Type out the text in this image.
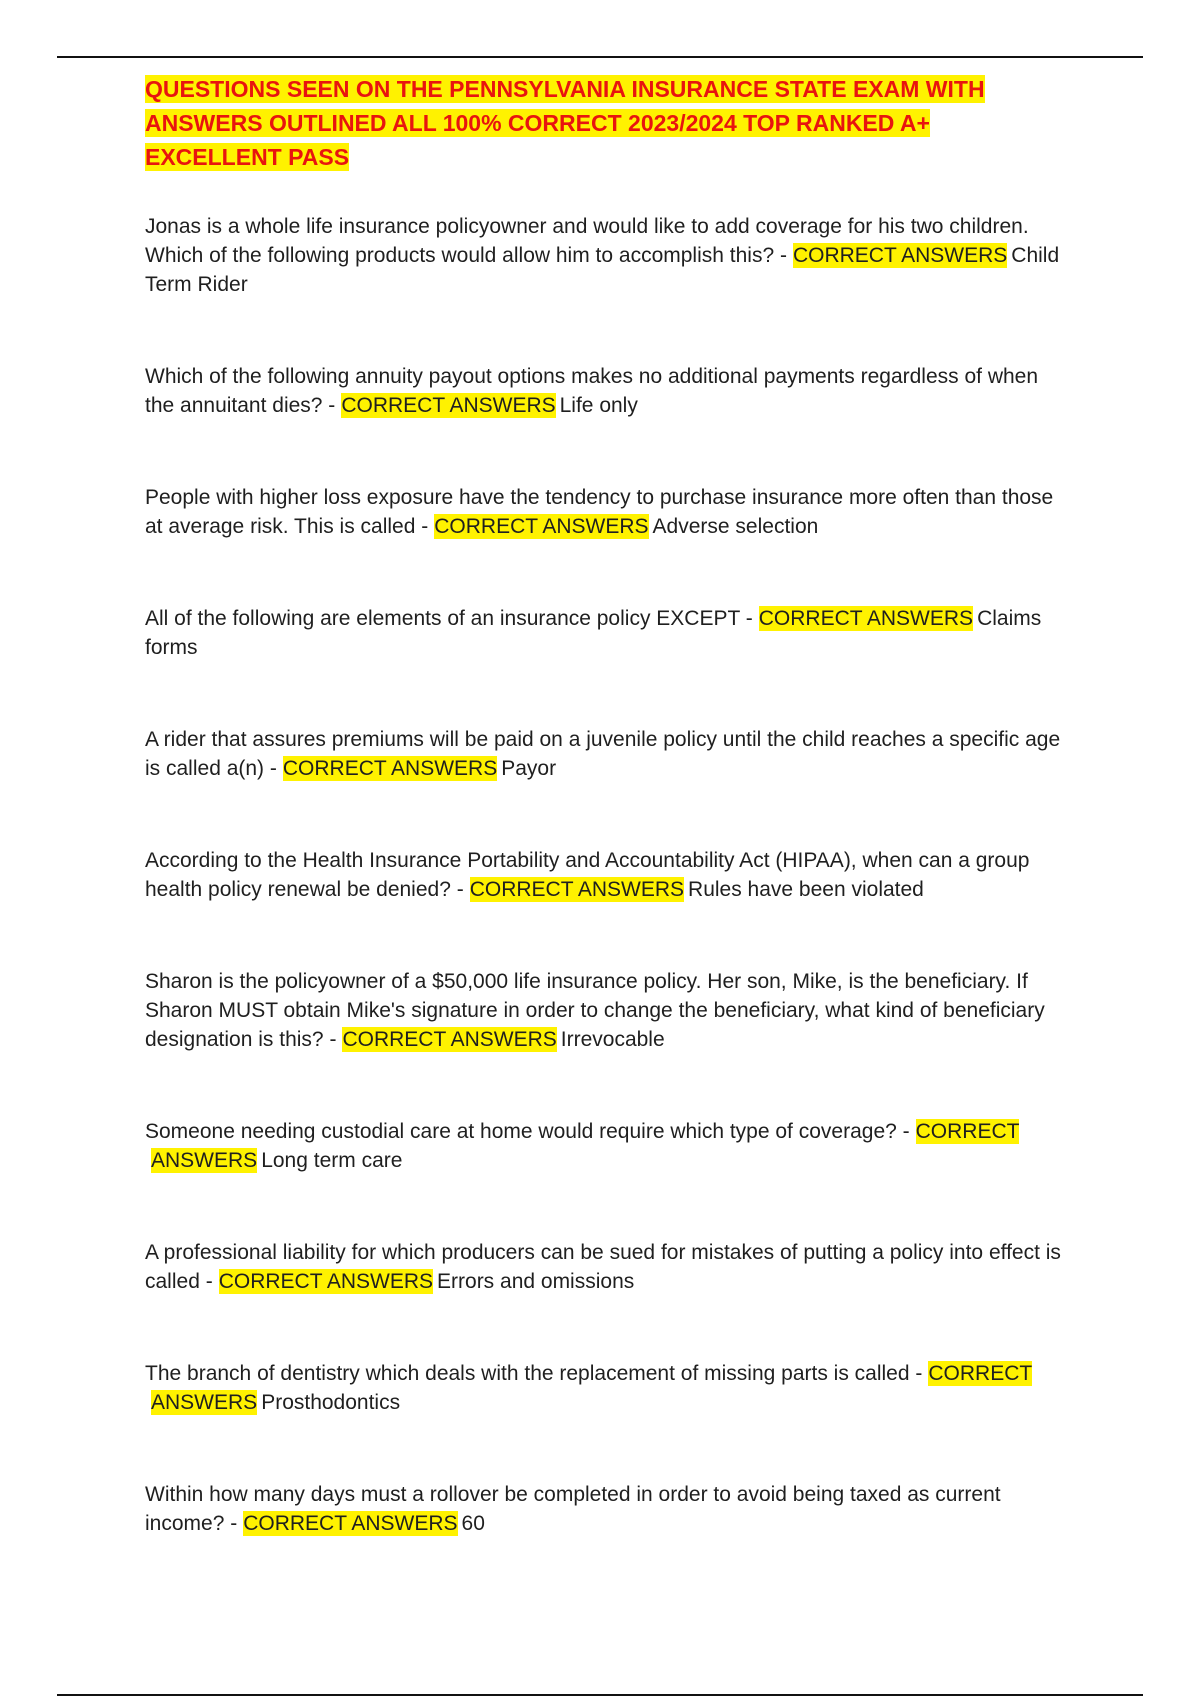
QUESTIONS SEEN ON THE PENNSYLVANIA INSURANCE STATE EXAM WITH ANSWERS OUTLINED ALL 100% CORRECT 2023/2024 TOP RANKED A+ EXCELLENT PASS
Jonas is a whole life insurance policyowner and would like to add coverage for his two children. Which of the following products would allow him to accomplish this? - CORRECT ANSWERS Child Term Rider
Which of the following annuity payout options makes no additional payments regardless of when the annuitant dies? - CORRECT ANSWERS Life only
People with higher loss exposure have the tendency to purchase insurance more often than those at average risk. This is called - CORRECT ANSWERS Adverse selection
All of the following are elements of an insurance policy EXCEPT - CORRECT ANSWERS Claims forms
A rider that assures premiums will be paid on a juvenile policy until the child reaches a specific age is called a(n) - CORRECT ANSWERS Payor
According to the Health Insurance Portability and Accountability Act (HIPAA), when can a group health policy renewal be denied? - CORRECT ANSWERS Rules have been violated
Sharon is the policyowner of a $50,000 life insurance policy. Her son, Mike, is the beneficiary. If Sharon MUST obtain Mike's signature in order to change the beneficiary, what kind of beneficiary designation is this? - CORRECT ANSWERS Irrevocable
Someone needing custodial care at home would require which type of coverage? - CORRECT ANSWERS Long term care
A professional liability for which producers can be sued for mistakes of putting a policy into effect is called - CORRECT ANSWERS Errors and omissions
The branch of dentistry which deals with the replacement of missing parts is called - CORRECT ANSWERS Prosthodontics
Within how many days must a rollover be completed in order to avoid being taxed as current income? - CORRECT ANSWERS 60
